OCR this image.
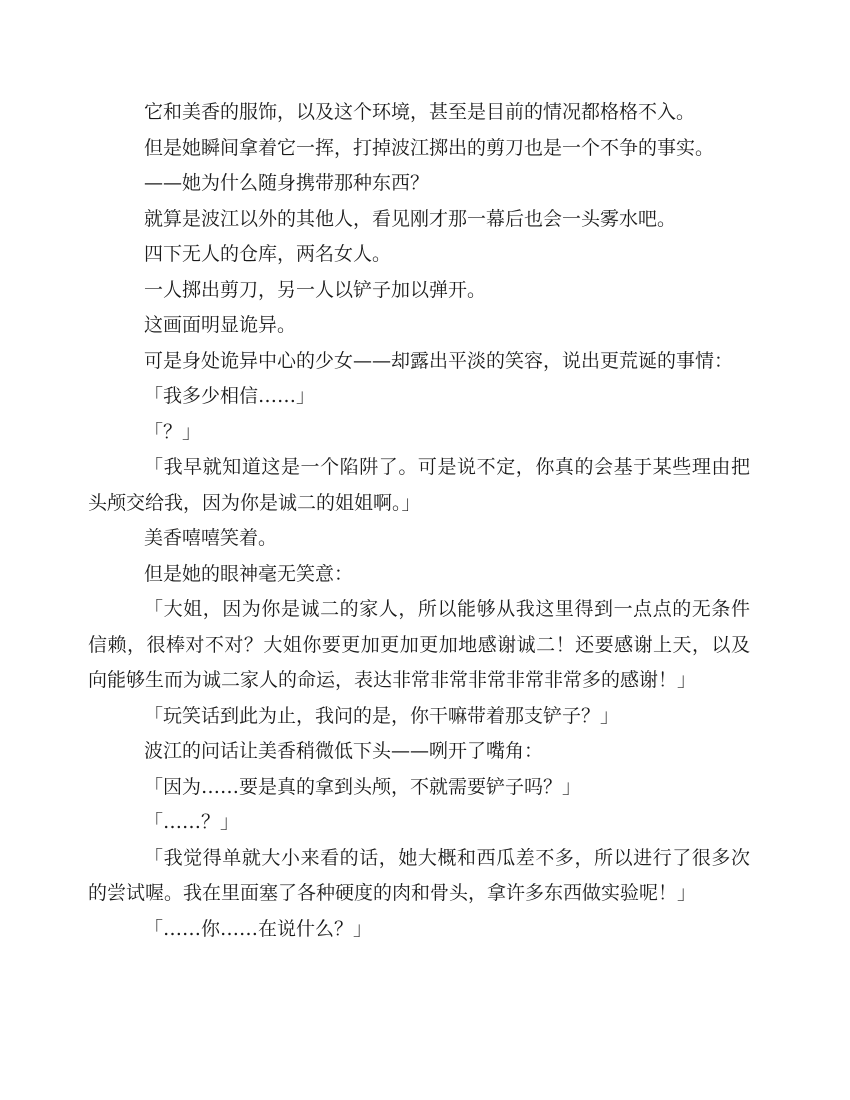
它和美香的服饰，以及这个环境，甚至是目前的情况都格格不入。

但是她瞬间拿着它一挥，打掉波江掷出的剪刀也是一个不争的事实。

——她为什么随身携带那种东西？

就算是波江以外的其他人，看见刚才那一幕后也会一头雾水吧。

四下无人的仓库，两名女人。

一人掷出剪刀，另一人以铲子加以弹开。

这画面明显诡异。

可是身处诡异中心的少女——却露出平淡的笑容，说出更荒诞的事情：

「我多少相信……」

「？」

「我早就知道这是一个陷阱了。可是说不定，你真的会基于某些理由把头颅交给我，因为你是诚二的姐姐啊。」

美香嘻嘻笑着。

但是她的眼神毫无笑意：

「大姐，因为你是诚二的家人，所以能够从我这里得到一点点的无条件信赖，很棒对不对？大姐你要更加更加更加地感谢诚二！还要感谢上天，以及向能够生而为诚二家人的命运，表达非常非常非常非常非常多的感谢！」

「玩笑话到此为止，我问的是，你干嘛带着那支铲子？」

波江的问话让美香稍微低下头——咧开了嘴角：

「因为……要是真的拿到头颅，不就需要铲子吗？」

「……？」

「我觉得单就大小来看的话，她大概和西瓜差不多，所以进行了很多次的尝试喔。我在里面塞了各种硬度的肉和骨头，拿许多东西做实验呢！」

「……你……在说什么？」
